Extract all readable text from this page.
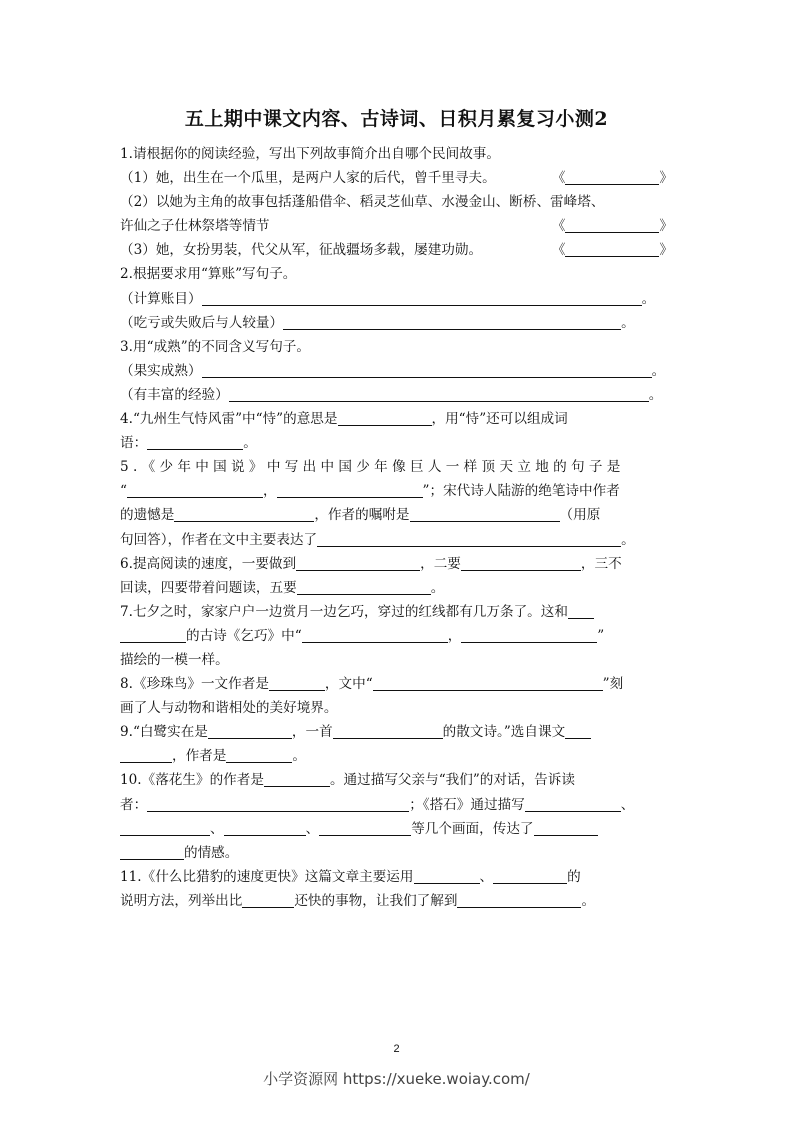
五上期中课文内容、古诗词、日积月累复习小测2
1.请根据你的阅读经验，写出下列故事简介出自哪个民间故事。
（1）她，出生在一个瓜里，是两户人家的后代，曾千里寻夫。	《	》
（2）以她为主角的故事包括蓬船借伞、稻灵芝仙草、水漫金山、断桥、雷峰塔、
许仙之子仕林祭塔等情节	《	》
（3）她，女扮男装，代父从军，征战疆场多载，屡建功勋。	《	》
2.根据要求用“算账”写句子。
（计算账目）	。
（吃亏或失败后与人较量）	。
3.用“成熟”的不同含义写句子。
（果实成熟）	。
（有丰富的经验）	。
4.“九州生气恃风雷”中“恃”的意思是	，用“恃”还可以组成词
语：	。
5.《少年中国说》中写出中国少年像巨人一样顶天立地的句子是
“	，	”；宋代诗人陆游的绝笔诗中作者
的遗憾是	，作者的嘱咐是	（用原
句回答），作者在文中主要表达了	。
6.提高阅读的速度，一要做到	，二要	，三不
回读，四要带着问题读，五要	。
7.七夕之时，家家户户一边赏月一边乞巧，穿过的红线都有几万条了。这和
的古诗《乞巧》中“	，	”
描绘的一模一样。
8.《珍珠鸟》一文作者是	，文中“	”刻
画了人与动物和谐相处的美好境界。
9.“白鹭实在是	，一首	的散文诗。”选自课文
，作者是	。
10.《落花生》的作者是	。通过描写父亲与“我们”的对话，告诉读
者：	；《搭石》通过描写	、
、	、	等几个画面，传达了
的情感。
11.《什么比猎豹的速度更快》这篇文章主要运用	、	的
说明方法，列举出比	还快的事物，让我们了解到	。
2
小学资源网 https://xueke.woiay.com/
